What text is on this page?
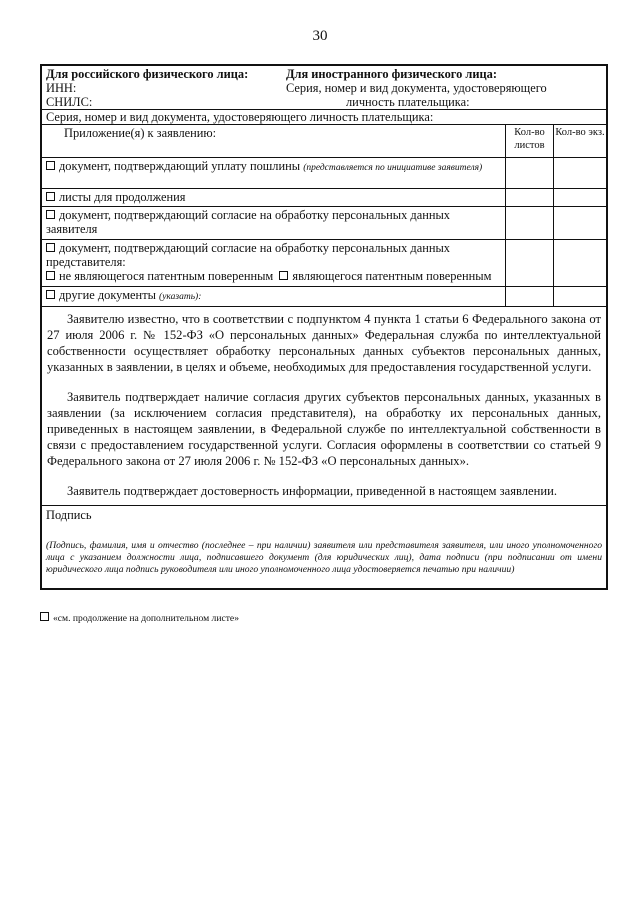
30
Для российского физического лица:
ИНН:
СНИЛС:
Для иностранного физического лица:
Серия, номер и вид документа, удостоверяющего
личность плательщика:
Серия, номер и вид документа, удостоверяющего личность плательщика:
Приложение(я) к заявлению:	Кол-во листов
Кол-во экз.
документ, подтверждающий уплату пошлины (представляется по инициативе заявителя)
листы для продолжения
документ, подтверждающий согласие на обработку персональных данных заявителя
документ, подтверждающий согласие на обработку персональных данных представителя:
не являющегося патентным поверенным являющегося патентным поверенным
другие документы (указать):
Заявителю известно, что в соответствии с подпунктом 4 пункта 1 статьи 6 Федерального закона от 27 июля 2006 г. № 152-ФЗ «О персональных данных» Федеральная служба по интеллектуальной собственности осуществляет обработку персональных данных субъектов персональных данных, указанных в заявлении, в целях и объеме, необходимых для предоставления государственной услуги.
Заявитель подтверждает наличие согласия других субъектов персональных данных, указанных в заявлении (за исключением согласия представителя), на обработку их персональных данных, приведенных в настоящем заявлении, в Федеральной службе по интеллектуальной собственности в связи с предоставлением государственной услуги. Согласия оформлены в соответствии со статьей 9 Федерального закона от 27 июля 2006 г. № 152-ФЗ «О персональных данных».
Заявитель подтверждает достоверность информации, приведенной в настоящем заявлении.
Подпись
(Подпись, фамилия, имя и отчество (последнее – при наличии) заявителя или представителя заявителя, или иного уполномоченного лица с указанием должности лица, подписавшего документ (для юридических лиц), дата подписи (при подписании от имени юридического лица подпись руководителя или иного уполномоченного лица удостоверяется печатью при наличии)
«см. продолжение на дополнительном листе»
